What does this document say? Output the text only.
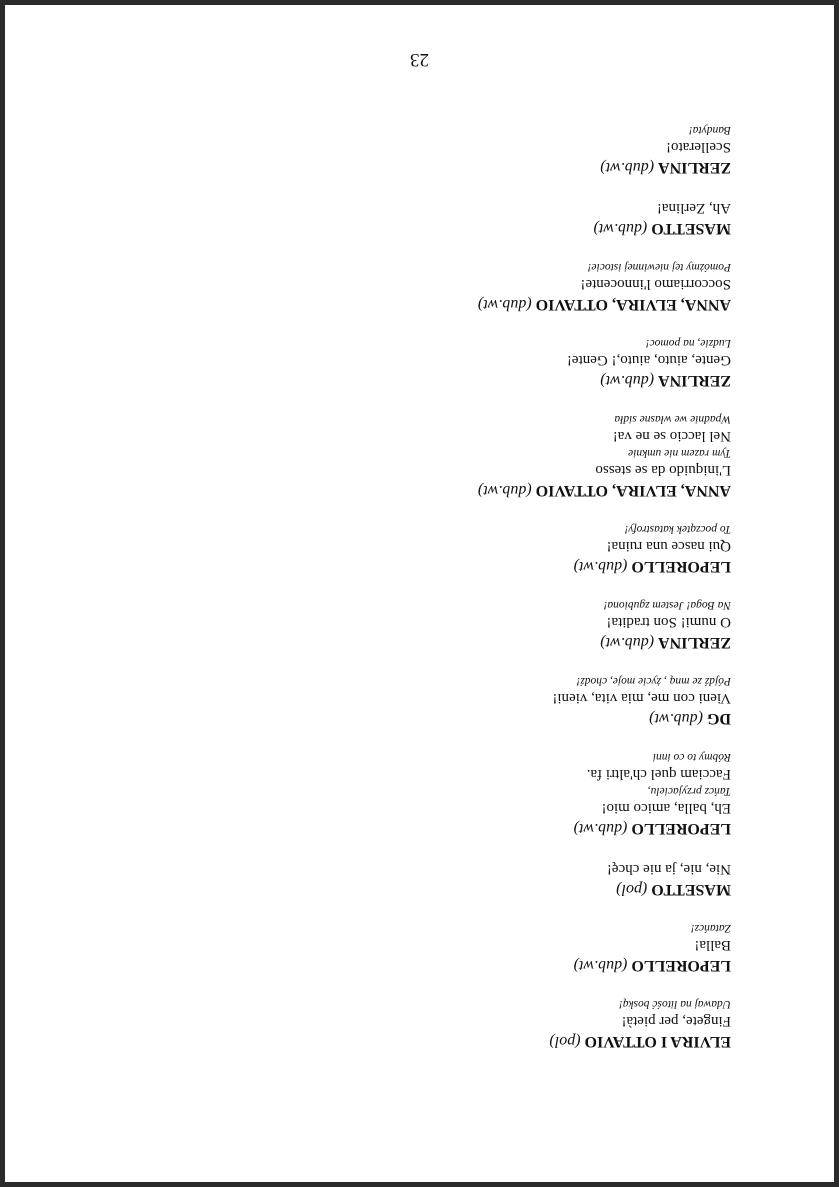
ELVIRA I OTTAVIO (pol)

Fingete, per pietà!

Udawaj na litość boską!

LEPORELLO (dub.wt)

Balla!

Zatańcz!

MASETTO (pol)

Nie, nie, ja nie chcę!

LEPORELLO (dub.wt)

Eh, balla, amico mio!

Tańcz przyjacielu,

Facciam quel ch'altri fa.

Róbmy to co inni

DG (dub.wt)

Vieni con me, mia vita, vieni!

Pójdź ze mną , życie moje, chodź!

ZERLINA (dub.wt)

O numi! Son tradita!

Na Boga! Jestem zgubiona!

LEPORELLO (dub.wt)

Qui nasce una ruina!

To początek katastrofy!

ANNA, ELVIRA, OTTAVIO (dub.wt)

L'iniquido da se stesso

Tym razem nie umknie

Nel laccio se ne va!

Wpadnie we własne sidła

ZERLINA (dub.wt)

Gente, aiuto, aiuto,! Gente!

Ludzie, na pomoc!

ANNA, ELVIRA, OTTAVIO (dub.wt)

Soccorriamo l'innocente!

Pomóżmy tej niewinnej istocie!

MASETTO (dub.wt)

Ah, Zerlina!

ZERLINA (dub.wt)

Scellerato!

Bandyta!

23
